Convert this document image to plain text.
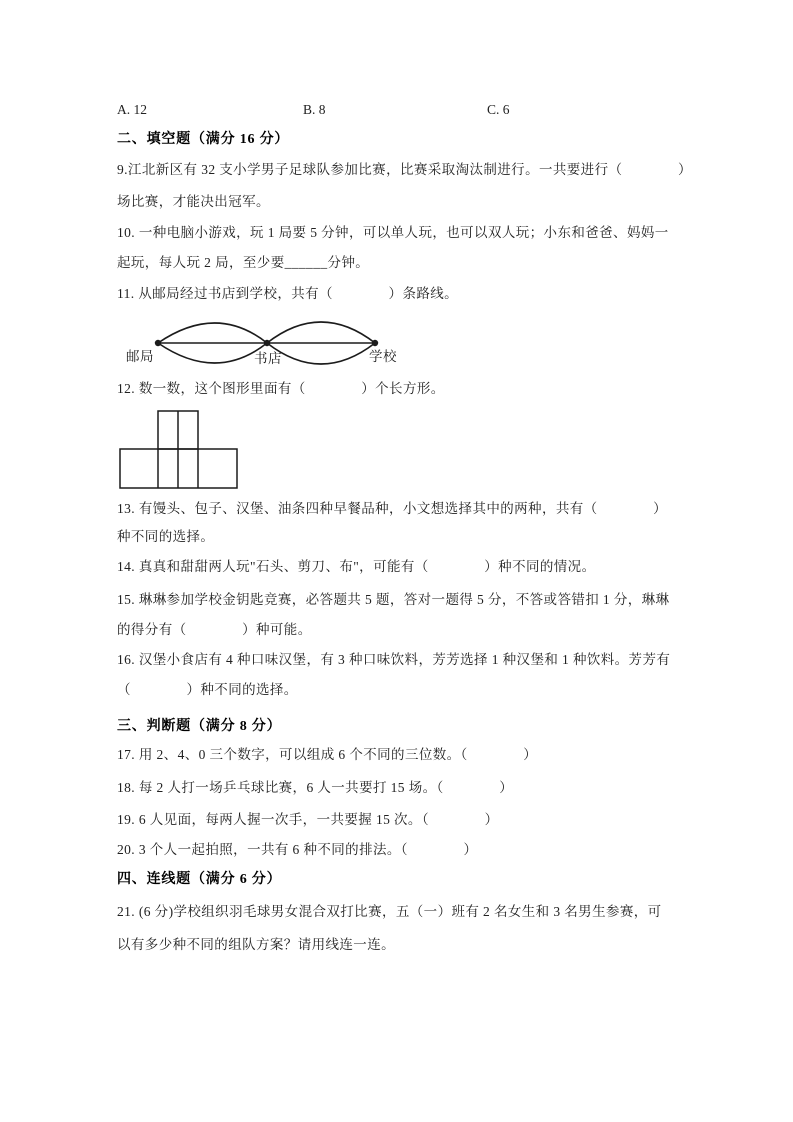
A. 12	B. 8	C. 6
二、填空题（满分 16 分）
9.江北新区有 32 支小学男子足球队参加比赛，比赛采取淘汰制进行。一共要进行（　　　　）
场比赛，才能决出冠军。
10. 一种电脑小游戏，玩 1 局要 5 分钟，可以单人玩，也可以双人玩；小东和爸爸、妈妈一
起玩，每人玩 2 局，至少要______分钟。
11. 从邮局经过书店到学校，共有（　　　　）条路线。
邮局	书店	学校
12. 数一数，这个图形里面有（　　　　）个长方形。
13. 有馒头、包子、汉堡、油条四种早餐品种，小文想选择其中的两种，共有（　　　　）
种不同的选择。
14. 真真和甜甜两人玩"石头、剪刀、布"，可能有（　　　　）种不同的情况。
15. 琳琳参加学校金钥匙竞赛，必答题共 5 题，答对一题得 5 分，不答或答错扣 1 分，琳琳
的得分有（　　　　）种可能。
16. 汉堡小食店有 4 种口味汉堡，有 3 种口味饮料，芳芳选择 1 种汉堡和 1 种饮料。芳芳有
（　　　　）种不同的选择。
三、判断题（满分 8 分）
17. 用 2、4、0 三个数字，可以组成 6 个不同的三位数。（　　　　）
18. 每 2 人打一场乒乓球比赛，6 人一共要打 15 场。（　　　　）
19. 6 人见面，每两人握一次手，一共要握 15 次。（　　　　）
20. 3 个人一起拍照，一共有 6 种不同的排法。（　　　　）
四、连线题（满分 6 分）
21. (6 分)学校组织羽毛球男女混合双打比赛，五（一）班有 2 名女生和 3 名男生参赛，可
以有多少种不同的组队方案？请用线连一连。
